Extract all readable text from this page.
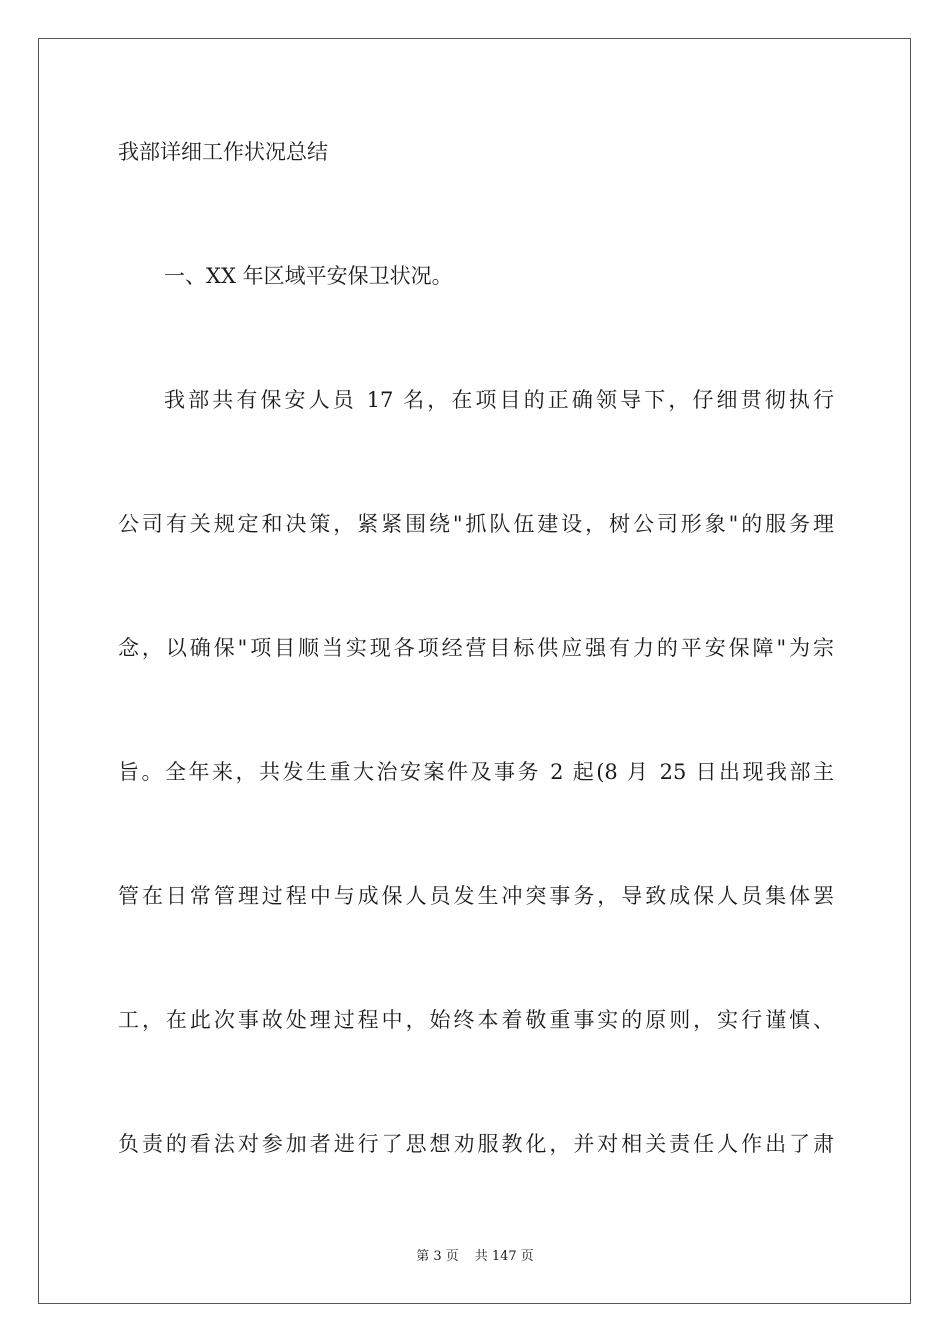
我部详细工作状况总结
一、XX 年区域平安保卫状况。
我部共有保安人员 17 名，在项目的正确领导下，仔细贯彻执行
公司有关规定和决策，紧紧围绕"抓队伍建设，树公司形象"的服务理
念，以确保"项目顺当实现各项经营目标供应强有力的平安保障"为宗
旨。全年来，共发生重大治安案件及事务 2 起(8 月 25 日出现我部主
管在日常管理过程中与成保人员发生冲突事务，导致成保人员集体罢
工，在此次事故处理过程中，始终本着敬重事实的原则，实行谨慎、
负责的看法对参加者进行了思想劝服教化，并对相关责任人作出了肃
第 3 页 共 147 页
